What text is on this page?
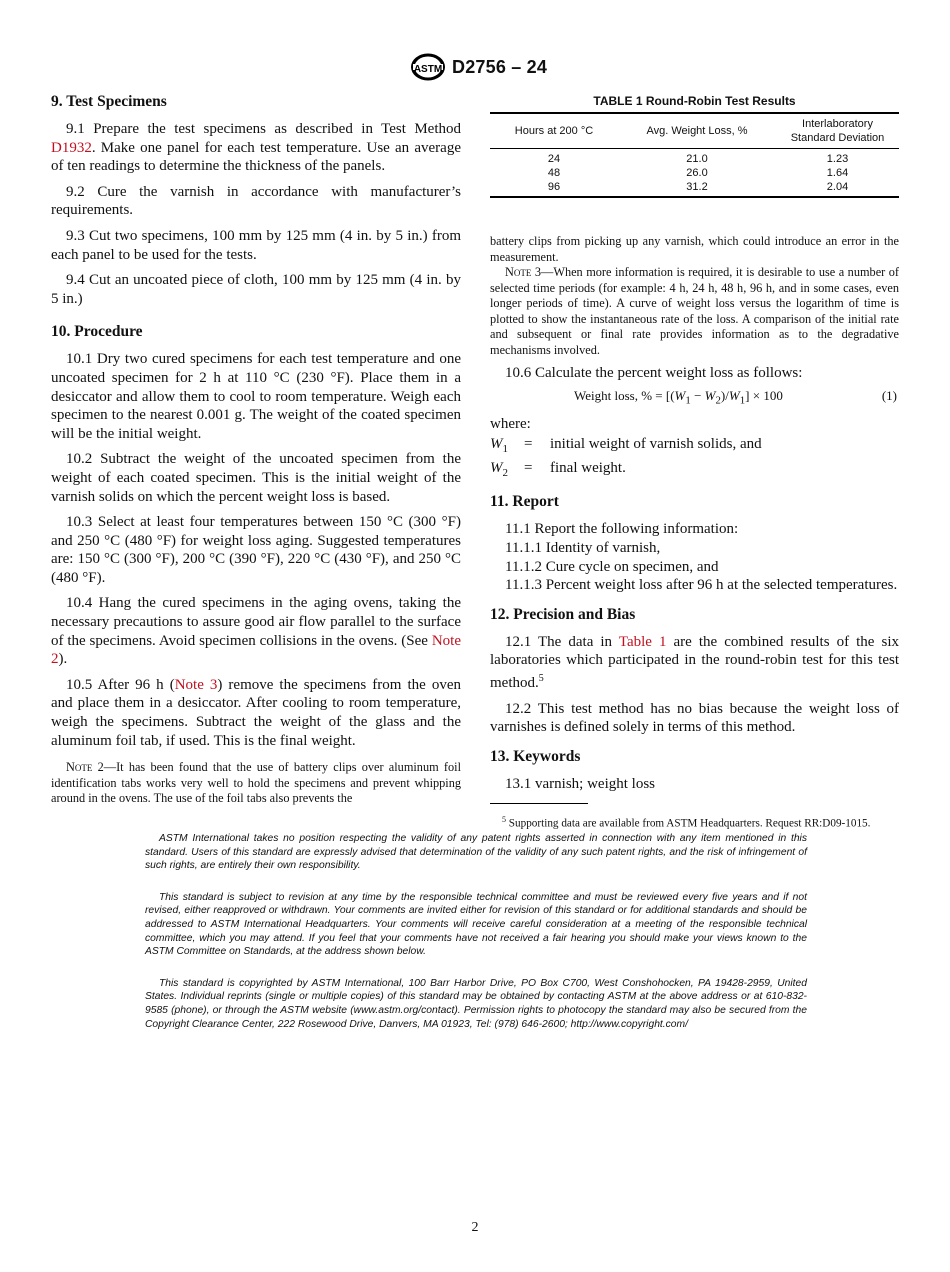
ASTM D2756 – 24
9. Test Specimens

9.1 Prepare the test specimens as described in Test Method D1932. Make one panel for each test temperature. Use an average of ten readings to determine the thickness of the panels.

9.2 Cure the varnish in accordance with manufacturer’s requirements.

9.3 Cut two specimens, 100 mm by 125 mm (4 in. by 5 in.) from each panel to be used for the tests.

9.4 Cut an uncoated piece of cloth, 100 mm by 125 mm (4 in. by 5 in.)

10. Procedure

10.1 Dry two cured specimens for each test temperature and one uncoated specimen for 2 h at 110 °C (230 °F). Place them in a desiccator and allow them to cool to room temperature. Weigh each specimen to the nearest 0.001 g. The weight of the coated specimen will be the initial weight.

10.2 Subtract the weight of the uncoated specimen from the weight of each coated specimen. This is the initial weight of the varnish solids on which the percent weight loss is based.

10.3 Select at least four temperatures between 150 °C (300 °F) and 250 °C (480 °F) for weight loss aging. Suggested temperatures are: 150 °C (300 °F), 200 °C (390 °F), 220 °C (430 °F), and 250 °C (480 °F).

10.4 Hang the cured specimens in the aging ovens, taking the necessary precautions to assure good air flow parallel to the surface of the specimens. Avoid specimen collisions in the ovens. (See Note 2).

10.5 After 96 h (Note 3) remove the specimens from the oven and place them in a desiccator. After cooling to room temperature, weigh the specimens. Subtract the weight of the glass and the aluminum foil tab, if used. This is the final weight.

Note 2—It has been found that the use of battery clips over aluminum foil identification tabs works very well to hold the specimens and prevent whipping around in the ovens. The use of the foil tabs also prevents the

TABLE 1 Round-Robin Test Results
Hours at 200 °C	Avg. Weight Loss, %	Interlaboratory Standard Deviation
24	21.0	1.23
48	26.0	1.64
96	31.2	2.04

battery clips from picking up any varnish, which could introduce an error in the measurement.

Note 3—When more information is required, it is desirable to use a number of selected time periods (for example: 4 h, 24 h, 48 h, 96 h, and in some cases, even longer periods of time). A curve of weight loss versus the logarithm of time is plotted to show the instantaneous rate of the loss. A comparison of the initial rate and subsequent or final rate provides information as to the degradative mechanisms involved.

10.6 Calculate the percent weight loss as follows:

Weight loss, % = $[(W_1 - W_2)/W_1] \times 100$	(1)

where:

$W_1$	=	initial weight of varnish solids, and
$W_2$	=	final weight.
11. Report

11.1 Report the following information:

11.1.1 Identity of varnish,

11.1.2 Cure cycle on specimen, and

11.1.3 Percent weight loss after 96 h at the selected temperatures.

12. Precision and Bias

12.1 The data in Table 1 are the combined results of the six laboratories which participated in the round-robin test for this test method.$^5$

12.2 This test method has no bias because the weight loss of varnishes is defined solely in terms of this method.

13. Keywords

13.1 varnish; weight loss

$^5$ Supporting data are available from ASTM Headquarters. Request RR:D09-1015.

ASTM International takes no position respecting the validity of any patent rights asserted in connection with any item mentioned in this standard. Users of this standard are expressly advised that determination of the validity of any such patent rights, and the risk of infringement of such rights, are entirely their own responsibility.

This standard is subject to revision at any time by the responsible technical committee and must be reviewed every five years and if not revised, either reapproved or withdrawn. Your comments are invited either for revision of this standard or for additional standards and should be addressed to ASTM International Headquarters. Your comments will receive careful consideration at a meeting of the responsible technical committee, which you may attend. If you feel that your comments have not received a fair hearing you should make your views known to the ASTM Committee on Standards, at the address shown below.

This standard is copyrighted by ASTM International, 100 Barr Harbor Drive, PO Box C700, West Conshohocken, PA 19428-2959, United States. Individual reprints (single or multiple copies) of this standard may be obtained by contacting ASTM at the above address or at 610-832-9585 (phone), or through the ASTM website (www.astm.org/contact). Permission rights to photocopy the standard may also be secured from the Copyright Clearance Center, 222 Rosewood Drive, Danvers, MA 01923, Tel: (978) 646-2600; http://www.copyright.com/

2
